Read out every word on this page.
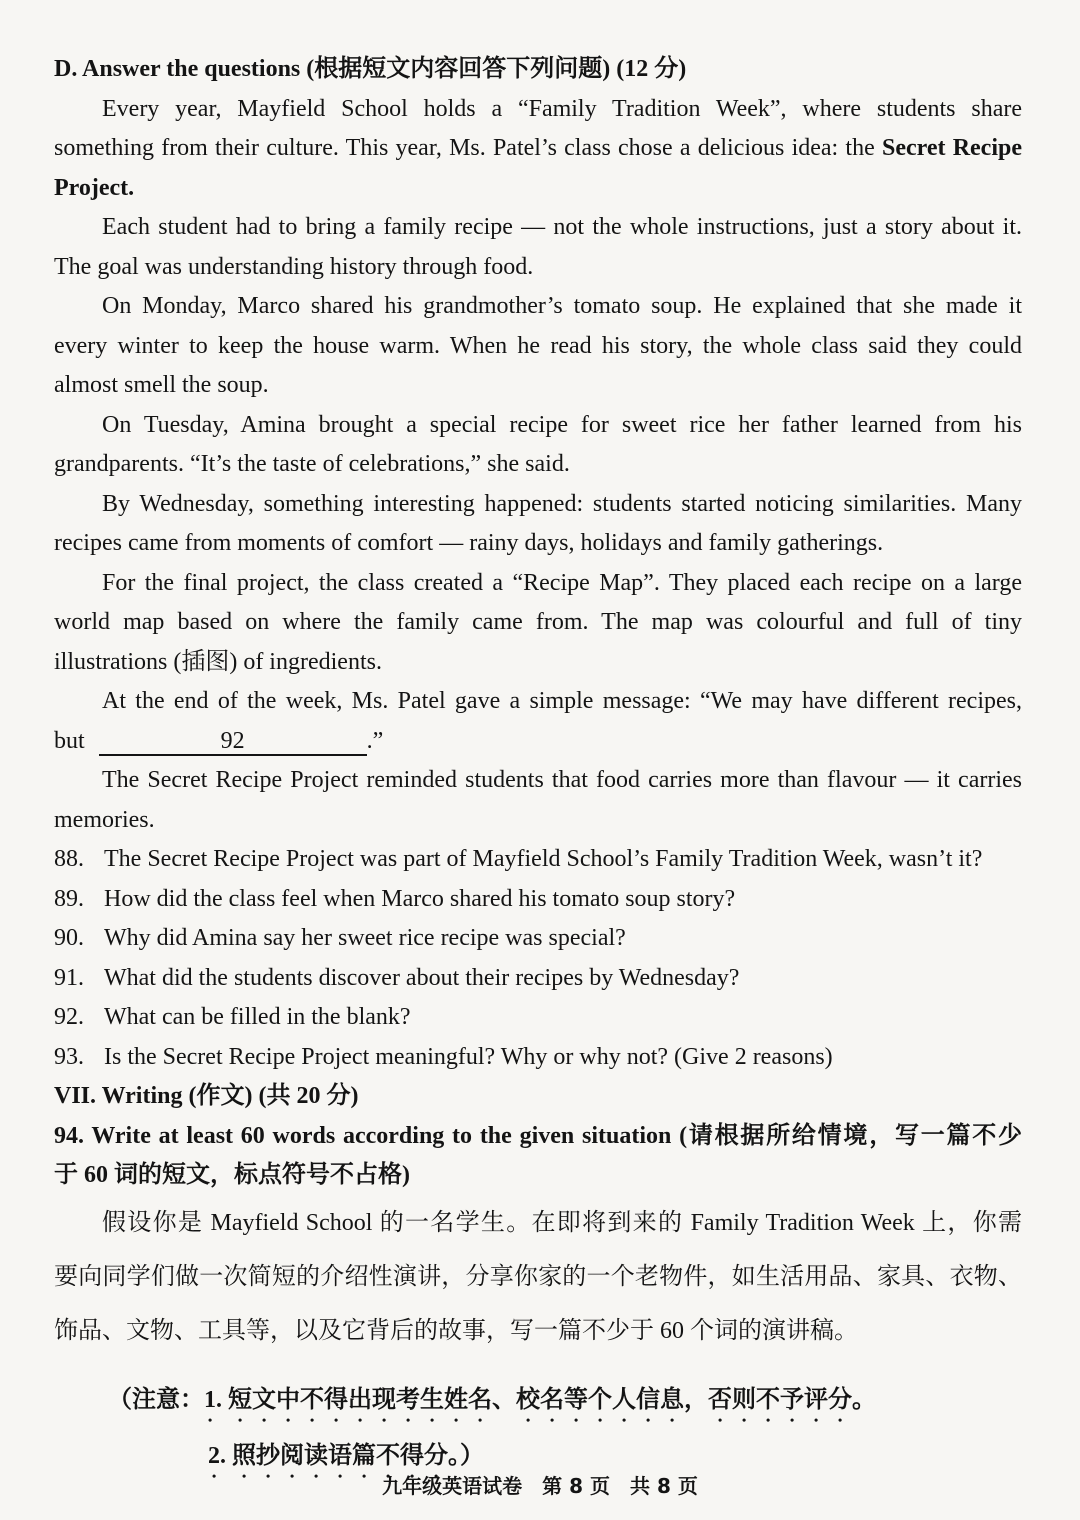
D. Answer the questions (根据短文内容回答下列问题) (12 分)

Every year, Mayfield School holds a “Family Tradition Week”, where students share

something from their culture. This year, Ms. Patel’s class chose a delicious idea: the Secret Recipe

Project.

Each student had to bring a family recipe — not the whole instructions, just a story about it.

The goal was understanding history through food.

On Monday, Marco shared his grandmother’s tomato soup. He explained that she made it

every winter to keep the house warm. When he read his story, the whole class said they could

almost smell the soup.

On Tuesday, Amina brought a special recipe for sweet rice her father learned from his

grandparents. “It’s the taste of celebrations,” she said.

By Wednesday, something interesting happened: students started noticing similarities. Many

recipes came from moments of comfort — rainy days, holidays and family gatherings.

For the final project, the class created a “Recipe Map”. They placed each recipe on a large

world map based on where the family came from. The map was colourful and full of tiny

illustrations (插图) of ingredients.

At the end of the week, Ms. Patel gave a simple message: “We may have different recipes,

but	92	.”

The Secret Recipe Project reminded students that food carries more than flavour — it carries

memories.

88. The Secret Recipe Project was part of Mayfield School’s Family Tradition Week, wasn’t it?

89. How did the class feel when Marco shared his tomato soup story?

90. Why did Amina say her sweet rice recipe was special?

91. What did the students discover about their recipes by Wednesday?

92. What can be filled in the blank?

93. Is the Secret Recipe Project meaningful? Why or why not? (Give 2 reasons)

VII. Writing (作文) (共 20 分)

94. Write at least 60 words according to the given situation (请根据所给情境，写一篇不少

于 60 词的短文，标点符号不占格)

假设你是 Mayfield School 的一名学生。在即将到来的 Family Tradition Week 上，你需

要向同学们做一次简短的介绍性演讲，分享你家的一个老物件，如生活用品、家具、衣物、

饰品、文物、工具等，以及它背后的故事，写一篇不少于 60 个词的演讲稿。

（注意：1. 短文中不得出现考生姓名、校名等个人信息，否则不予评分。

2. 照抄阅读语篇不得分。）

九年级英语试卷　第 8 页　共 8 页
